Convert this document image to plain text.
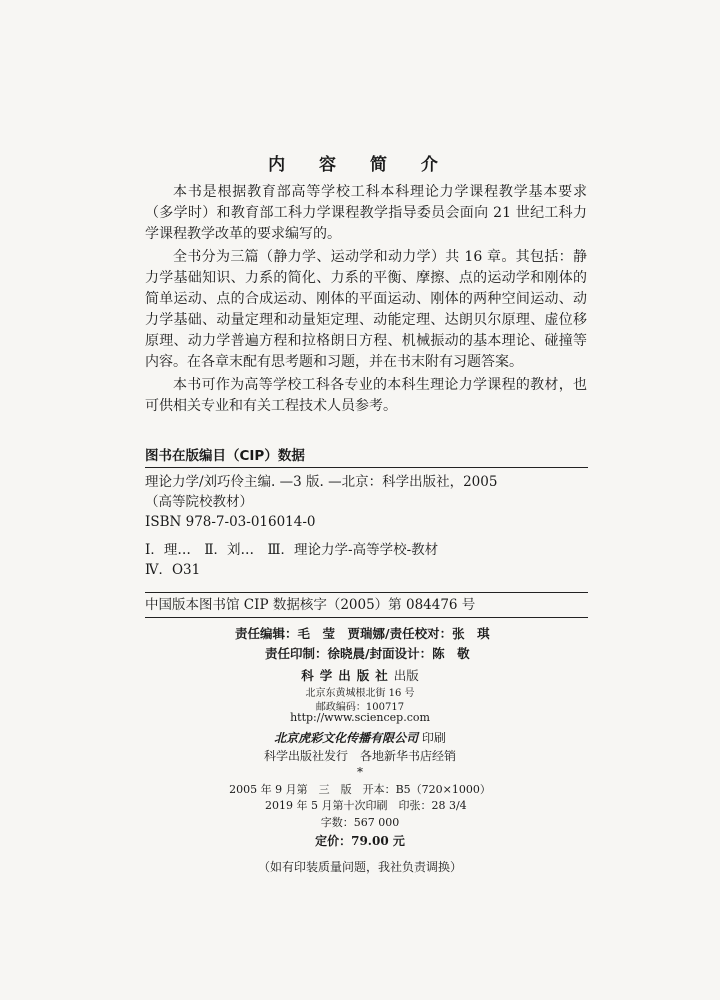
内 容 简 介

本书是根据教育部高等学校工科本科理论力学课程教学基本要求（多学时）和教育部工科力学课程教学指导委员会面向 21 世纪工科力学课程教学改革的要求编写的。

全书分为三篇（静力学、运动学和动力学）共 16 章。其包括：静力学基础知识、力系的简化、力系的平衡、摩擦、点的运动学和刚体的简单运动、点的合成运动、刚体的平面运动、刚体的两种空间运动、动力学基础、动量定理和动量矩定理、动能定理、达朗贝尔原理、虚位移原理、动力学普遍方程和拉格朗日方程、机械振动的基本理论、碰撞等内容。在各章末配有思考题和习题，并在书末附有习题答案。

本书可作为高等学校工科各专业的本科生理论力学课程的教材，也可供相关专业和有关工程技术人员参考。

图书在版编目（CIP）数据
理论力学/刘巧伶主编. —3 版. —北京：科学出版社，2005
（高等院校教材）
ISBN 978-7-03-016014-0
Ⅰ．理…　Ⅱ．刘…　Ⅲ．理论力学-高等学校-教材
Ⅳ．O31
中国版本图书馆 CIP 数据核字（2005）第 084476 号
责任编辑：毛　莹　贾瑞娜/责任校对：张　琪
责任印制：徐晓晨/封面设计：陈　敬
科学出版社出版
北京东黄城根北街 16 号
邮政编码：100717
http://www.sciencep.com
北京虎彩文化传播有限公司 印刷
科学出版社发行　各地新华书店经销
*
2005 年 9 月第　三　版　开本：B5（720×1000）
2019 年 5 月第十次印刷　印张：28 3/4
字数：567 000
定价：79.00 元
（如有印装质量问题，我社负责调换）
